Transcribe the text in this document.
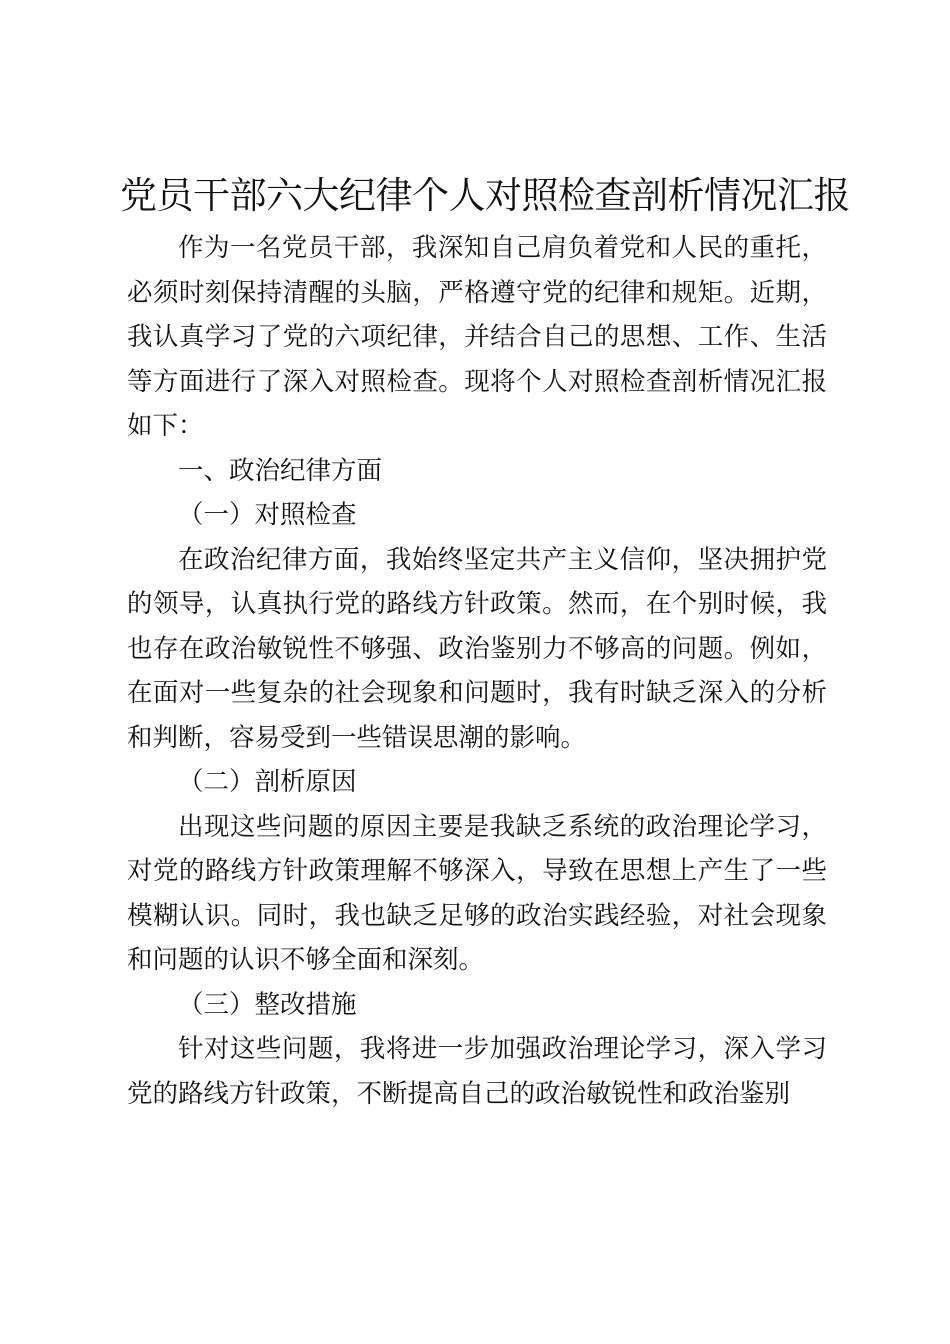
党员干部六大纪律个人对照检查剖析情况汇报

作为一名党员干部，我深知自己肩负着党和人民的重托，必须时刻保持清醒的头脑，严格遵守党的纪律和规矩。近期，我认真学习了党的六项纪律，并结合自己的思想、工作、生活等方面进行了深入对照检查。现将个人对照检查剖析情况汇报如下：

一、政治纪律方面

（一）对照检查

在政治纪律方面，我始终坚定共产主义信仰，坚决拥护党的领导，认真执行党的路线方针政策。然而，在个别时候，我也存在政治敏锐性不够强、政治鉴别力不够高的问题。例如，在面对一些复杂的社会现象和问题时，我有时缺乏深入的分析和判断，容易受到一些错误思潮的影响。

（二）剖析原因

出现这些问题的原因主要是我缺乏系统的政治理论学习，对党的路线方针政策理解不够深入，导致在思想上产生了一些模糊认识。同时，我也缺乏足够的政治实践经验，对社会现象和问题的认识不够全面和深刻。

（三）整改措施

针对这些问题，我将进一步加强政治理论学习，深入学习党的路线方针政策，不断提高自己的政治敏锐性和政治鉴别
